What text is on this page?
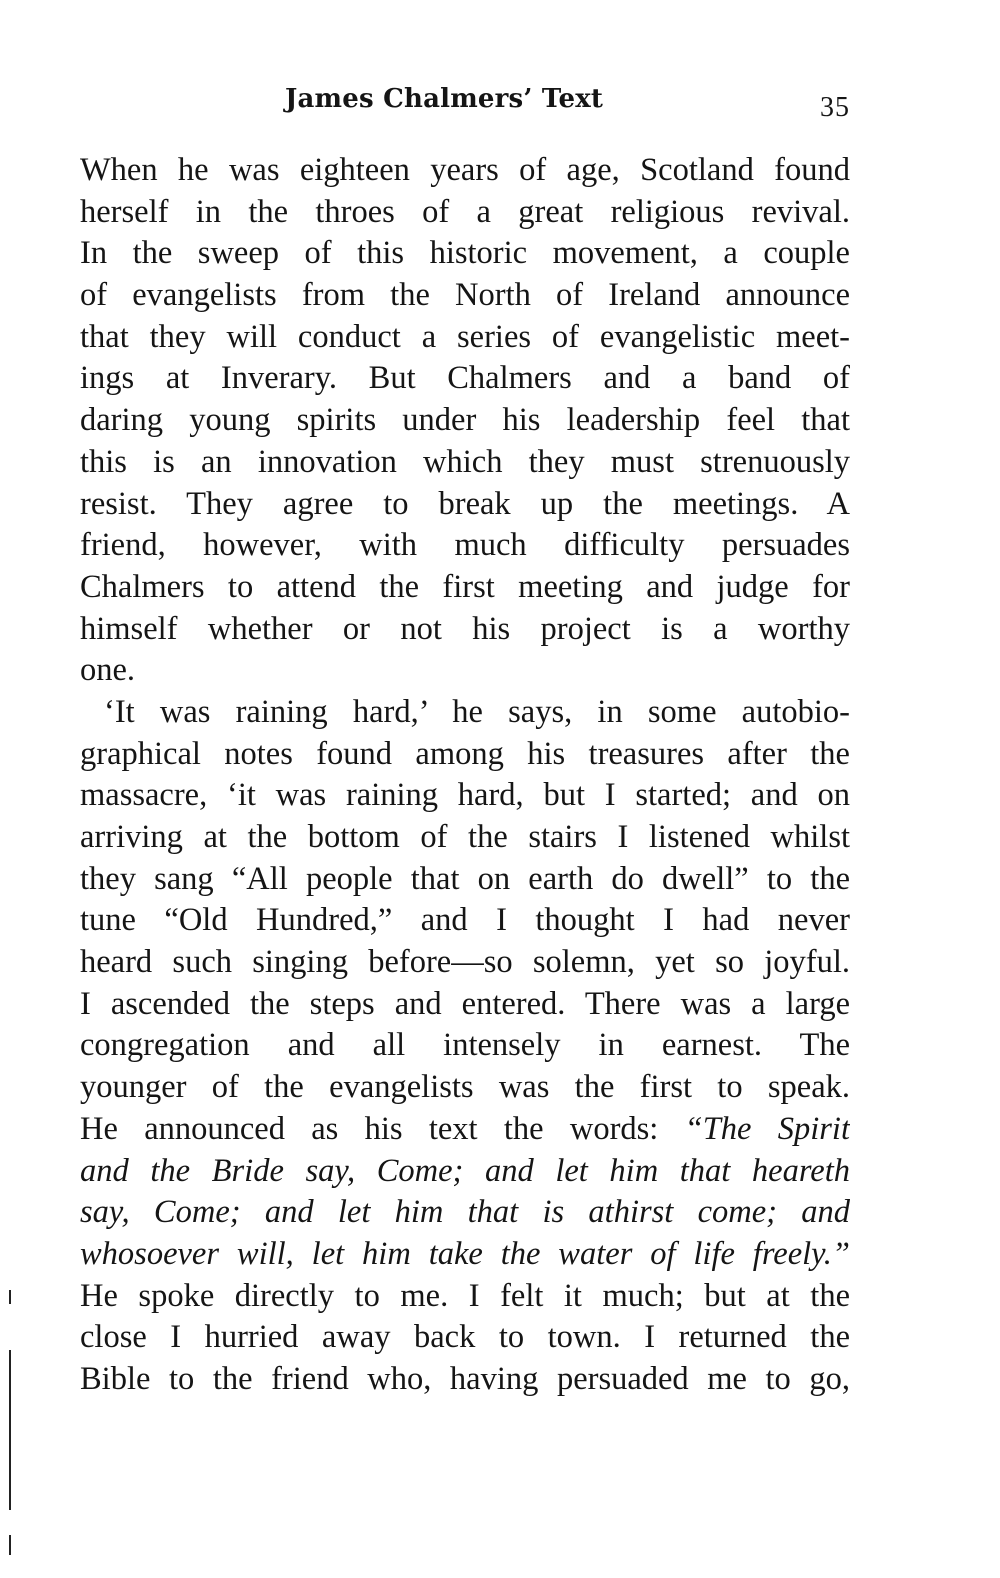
James Chalmers’ Text	35
When he was eighteen years of age, Scotland found
herself in the throes of a great religious revival.
In the sweep of this historic movement, a couple
of evangelists from the North of Ireland announce
that they will conduct a series of evangelistic meet-
ings at Inverary. But Chalmers and a band of
daring young spirits under his leadership feel that
this is an innovation which they must strenuously
resist. They agree to break up the meetings. A
friend, however, with much difficulty persuades
Chalmers to attend the first meeting and judge for
himself whether or not his project is a worthy
one.
‘It was raining hard,’ he says, in some autobio-
graphical notes found among his treasures after the
massacre, ‘it was raining hard, but I started; and on
arriving at the bottom of the stairs I listened whilst
they sang “All people that on earth do dwell” to the
tune “Old Hundred,” and I thought I had never
heard such singing before—so solemn, yet so joyful.
I ascended the steps and entered. There was a large
congregation and all intensely in earnest. The
younger of the evangelists was the first to speak.
He announced as his text the words: “The Spirit
and the Bride say, Come; and let him that heareth
say, Come; and let him that is athirst come; and
whosoever will, let him take the water of life freely.”
He spoke directly to me. I felt it much; but at the
close I hurried away back to town. I returned the
Bible to the friend who, having persuaded me to go,
